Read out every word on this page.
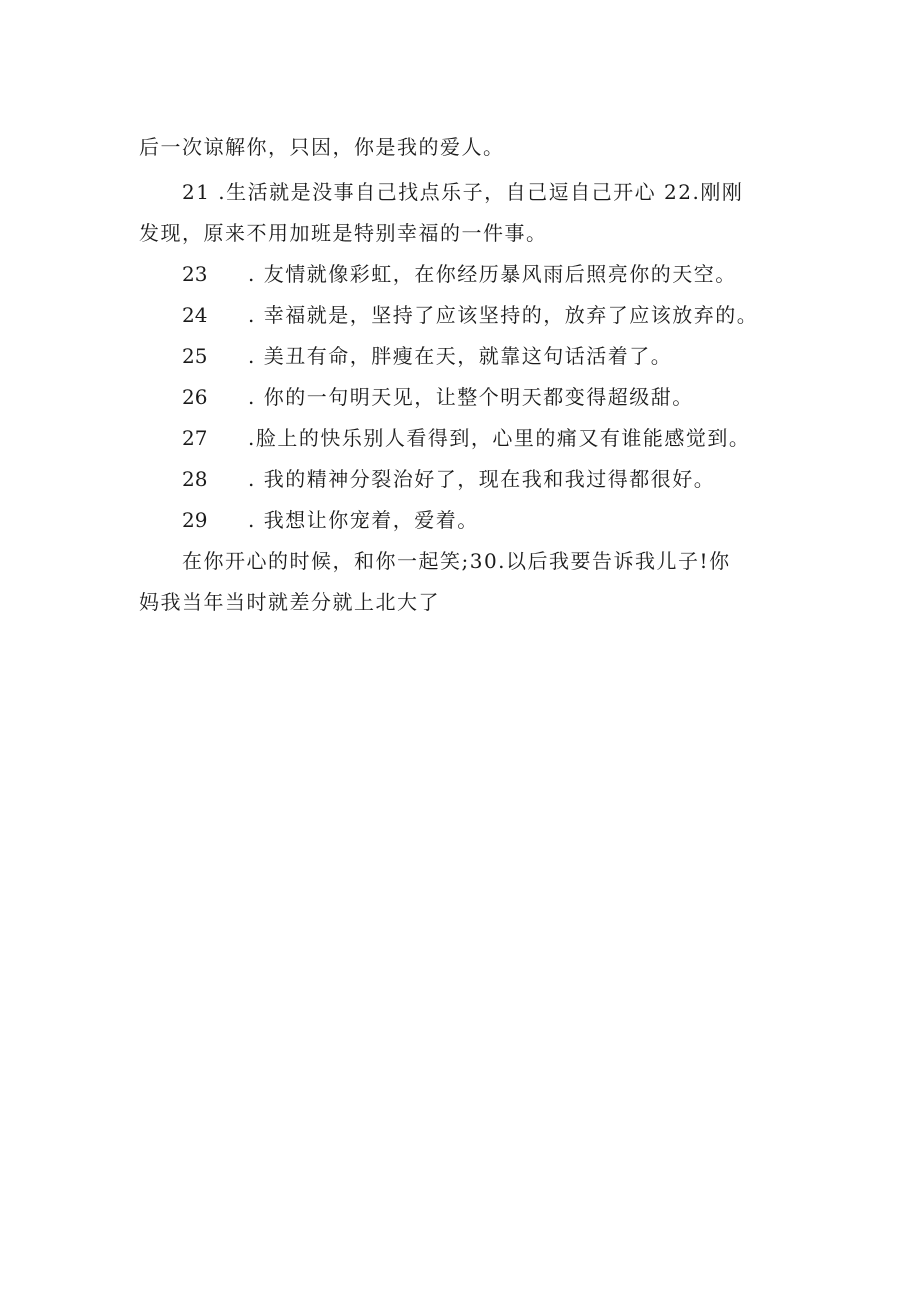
后一次谅解你，只因，你是我的爱人。
21 .生活就是没事自己找点乐子，自己逗自己开心 22.刚刚
发现，原来不用加班是特别幸福的一件事。
23 . 友情就像彩虹，在你经历暴风雨后照亮你的天空。
24 . 幸福就是，坚持了应该坚持的，放弃了应该放弃的。
25 . 美丑有命，胖瘦在天，就靠这句话活着了。
26 . 你的一句明天见，让整个明天都变得超级甜。
27 .脸上的快乐别人看得到，心里的痛又有谁能感觉到。
28 . 我的精神分裂治好了，现在我和我过得都很好。
29 . 我想让你宠着，爱着。
在你开心的时候，和你一起笑;30.以后我要告诉我儿子!你
妈我当年当时就差分就上北大了
